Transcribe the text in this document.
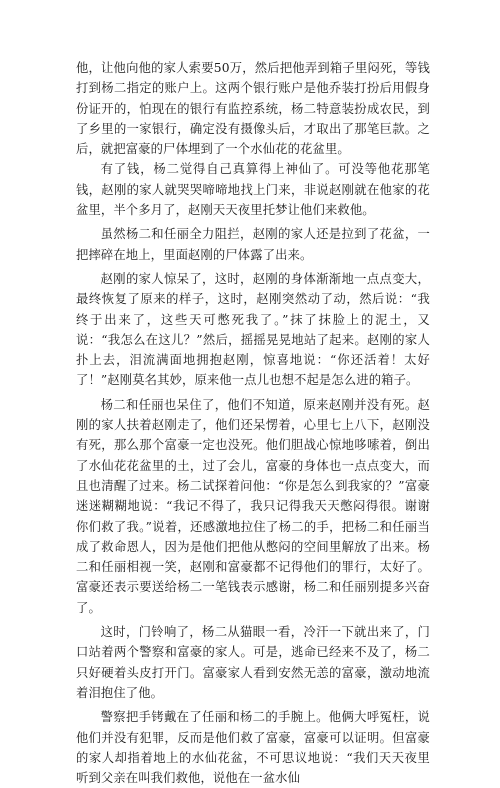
他，让他向他的家人索要50万，然后把他弄到箱子里闷死，等钱打到杨二指定的账户上。这两个银行账户是他乔装打扮后用假身份证开的，怕现在的银行有监控系统，杨二特意装扮成农民，到了乡里的一家银行，确定没有摄像头后，才取出了那笔巨款。之后，就把富豪的尸体埋到了一个水仙花的花盆里。

有了钱，杨二觉得自己真算得上神仙了。可没等他花那笔钱，赵刚的家人就哭哭啼啼地找上门来，非说赵刚就在他家的花盆里，半个多月了，赵刚天天夜里托梦让他们来救他。

虽然杨二和任丽全力阻拦，赵刚的家人还是拉到了花盆，一把摔碎在地上，里面赵刚的尸体露了出来。

赵刚的家人惊呆了，这时，赵刚的身体渐渐地一点点变大，最终恢复了原来的样子，这时，赵刚突然动了动，然后说：“我终于出来了，这些天可憋死我了。”抹了抹脸上的泥土，又说：“我怎么在这儿？”然后，摇摇晃晃地站了起来。赵刚的家人扑上去，泪流满面地拥抱赵刚，惊喜地说：“你还活着！太好了！”赵刚莫名其妙，原来他一点儿也想不起是怎么进的箱子。

杨二和任丽也呆住了，他们不知道，原来赵刚并没有死。赵刚的家人扶着赵刚走了，他们还呆愣着，心里七上八下，赵刚没有死，那么那个富豪一定也没死。他们胆战心惊地哆嗦着，倒出了水仙花花盆里的土，过了会儿，富豪的身体也一点点变大，而且也清醒了过来。杨二试探着问他：“你是怎么到我家的？”富豪迷迷糊糊地说：“我记不得了，我只记得我天天憋闷得很。谢谢你们救了我。”说着，还感激地拉住了杨二的手，把杨二和任丽当成了救命恩人，因为是他们把他从憋闷的空间里解放了出来。杨二和任丽相视一笑，赵刚和富豪都不记得他们的罪行，太好了。富豪还表示要送给杨二一笔钱表示感谢，杨二和任丽别提多兴奋了。

这时，门铃响了，杨二从猫眼一看，冷汗一下就出来了，门口站着两个警察和富豪的家人。可是，逃命已经来不及了，杨二只好硬着头皮打开门。富豪家人看到安然无恙的富豪，激动地流着泪抱住了他。

警察把手铐戴在了任丽和杨二的手腕上。他俩大呼冤枉，说他们并没有犯罪，反而是他们救了富豪，富豪可以证明。但富豪的家人却指着地上的水仙花盆，不可思议地说：“我们天天夜里听到父亲在叫我们救他，说他在一盆水仙
